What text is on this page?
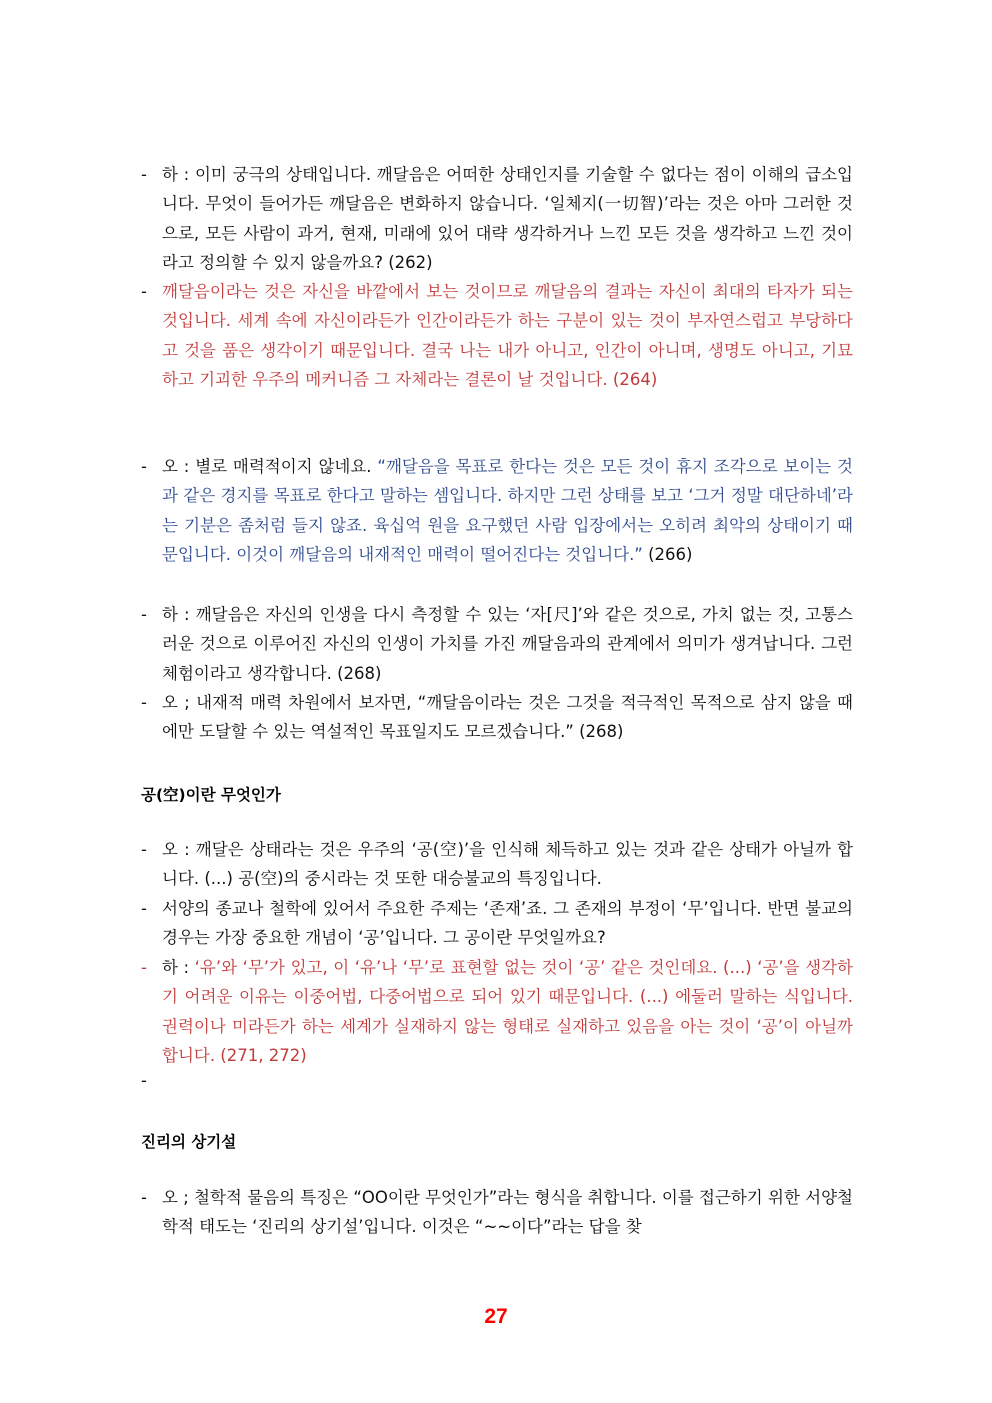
- 하 : 이미 궁극의 상태입니다. 깨달음은 어떠한 상태인지를 기술할 수 없다는 점이 이해의 급소입니다. 무엇이 들어가든 깨달음은 변화하지 않습니다. ‘일체지(一切智)’라는 것은 아마 그러한 것으로, 모든 사람이 과거, 현재, 미래에 있어 대략 생각하거나 느낀 모든 것을 생각하고 느낀 것이라고 정의할 수 있지 않을까요? (262)
- 깨달음이라는 것은 자신을 바깥에서 보는 것이므로 깨달음의 결과는 자신이 최대의 타자가 되는 것입니다. 세계 속에 자신이라든가 인간이라든가 하는 구분이 있는 것이 부자연스럽고 부당하다고 것을 품은 생각이기 때문입니다. 결국 나는 내가 아니고, 인간이 아니며, 생명도 아니고, 기묘하고 기괴한 우주의 메커니즘 그 자체라는 결론이 날 것입니다. (264)
- 오 : 별로 매력적이지 않네요. “깨달음을 목표로 한다는 것은 모든 것이 휴지 조각으로 보이는 것과 같은 경지를 목표로 한다고 말하는 셈입니다. 하지만 그런 상태를 보고 ‘그거 정말 대단하네’라는 기분은 좀처럼 들지 않죠. 육십억 원을 요구했던 사람 입장에서는 오히려 최악의 상태이기 때문입니다. 이것이 깨달음의 내재적인 매력이 떨어진다는 것입니다.” (266)
- 하 : 깨달음은 자신의 인생을 다시 측정할 수 있는 ‘자[尺]’와 같은 것으로, 가치 없는 것, 고통스러운 것으로 이루어진 자신의 인생이 가치를 가진 깨달음과의 관계에서 의미가 생겨납니다. 그런 체험이라고 생각합니다. (268)
- 오 ; 내재적 매력 차원에서 보자면, “깨달음이라는 것은 그것을 적극적인 목적으로 삼지 않을 때에만 도달할 수 있는 역설적인 목표일지도 모르겠습니다.” (268)
공(空)이란 무엇인가
- 오 : 깨달은 상태라는 것은 우주의 ‘공(空)’을 인식해 체득하고 있는 것과 같은 상태가 아닐까 합니다. (...) 공(空)의 중시라는 것 또한 대승불교의 특징입니다.
- 서양의 종교나 철학에 있어서 주요한 주제는 ‘존재’죠. 그 존재의 부정이 ‘무’입니다. 반면 불교의 경우는 가장 중요한 개념이 ‘공’입니다. 그 공이란 무엇일까요?
- 하 : ‘유’와 ‘무’가 있고, 이 ‘유’나 ‘무’로 표현할 없는 것이 ‘공’ 같은 것인데요. (...) ‘공’을 생각하기 어려운 이유는 이중어법, 다중어법으로 되어 있기 때문입니다. (...) 에둘러 말하는 식입니다. 권력이나 미라든가 하는 세계가 실재하지 않는 형태로 실재하고 있음을 아는 것이 ‘공’이 아닐까 합니다. (271, 272)
-
진리의 상기설
- 오 ; 철학적 물음의 특징은 “OO이란 무엇인가”라는 형식을 취합니다. 이를 접근하기 위한 서양철학적 태도는 ‘진리의 상기설’입니다. 이것은 “~~이다”라는 답을 찾
27
